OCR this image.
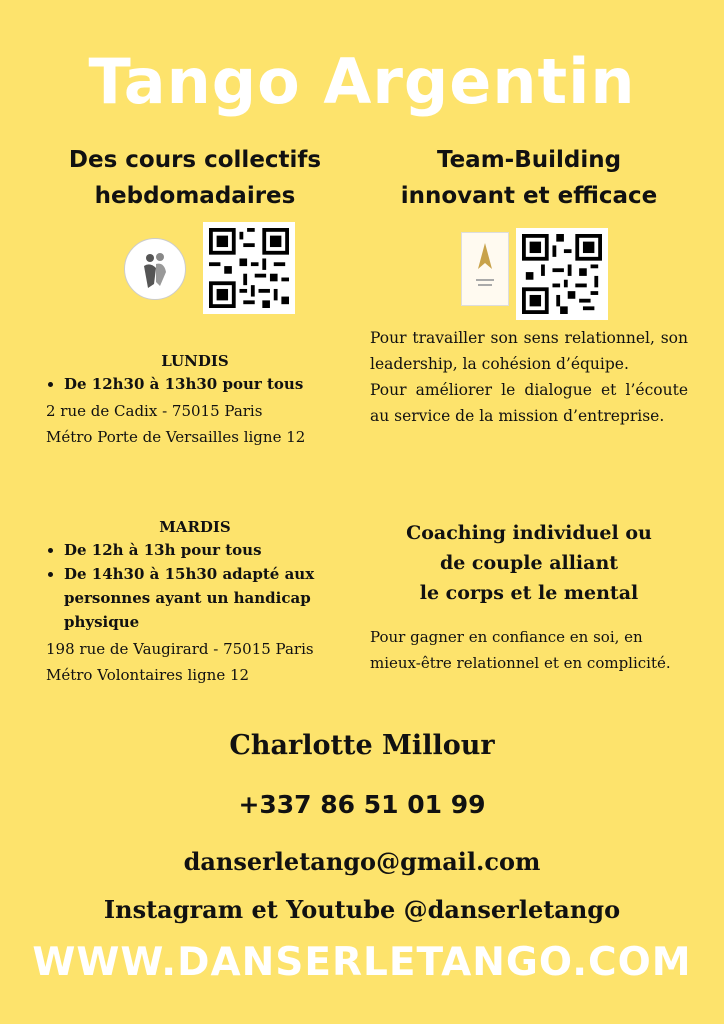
Tango Argentin
Des cours collectifs
hebdomadaires
LUNDIS
• De 12h30 à 13h30 pour tous
2 rue de Cadix - 75015 Paris
Métro Porte de Versailles ligne 12
MARDIS
• De 12h à 13h pour tous
• De 14h30 à 15h30 adapté aux personnes ayant un handicap physique
198 rue de Vaugirard - 75015 Paris
Métro Volontaires ligne 12
Team-Building
innovant et efficace
Pour travailler son sens relationnel, son leadership, la cohésion d’équipe.
Pour améliorer le dialogue et l’écoute au service de la mission d’entreprise.
Coaching individuel ou
de couple alliant
le corps et le mental
Pour gagner en confiance en soi, en mieux-être relationnel et en complicité.
Charlotte Millour
+337 86 51 01 99
danserletango@gmail.com
Instagram et Youtube @danserletango
WWW.DANSERLETANGO.COM
